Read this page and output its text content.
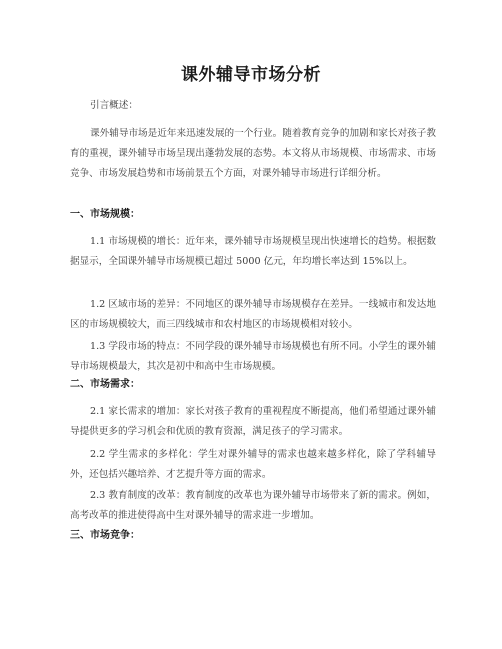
课外辅导市场分析

引言概述：

课外辅导市场是近年来迅速发展的一个行业。随着教育竞争的加剧和家长对孩子教育的重视，课外辅导市场呈现出蓬勃发展的态势。本文将从市场规模、市场需求、市场竞争、市场发展趋势和市场前景五个方面，对课外辅导市场进行详细分析。

一、市场规模：

1.1 市场规模的增长：近年来，课外辅导市场规模呈现出快速增长的趋势。根据数据显示，全国课外辅导市场规模已超过 5000 亿元，年均增长率达到 15%以上。

1.2 区域市场的差异：不同地区的课外辅导市场规模存在差异。一线城市和发达地区的市场规模较大，而三四线城市和农村地区的市场规模相对较小。

1.3 学段市场的特点：不同学段的课外辅导市场规模也有所不同。小学生的课外辅导市场规模最大，其次是初中和高中生市场规模。

二、市场需求：

2.1 家长需求的增加：家长对孩子教育的重视程度不断提高，他们希望通过课外辅导提供更多的学习机会和优质的教育资源，满足孩子的学习需求。

2.2 学生需求的多样化：学生对课外辅导的需求也越来越多样化，除了学科辅导外，还包括兴趣培养、才艺提升等方面的需求。

2.3 教育制度的改革：教育制度的改革也为课外辅导市场带来了新的需求。例如，高考改革的推进使得高中生对课外辅导的需求进一步增加。

三、市场竞争：
